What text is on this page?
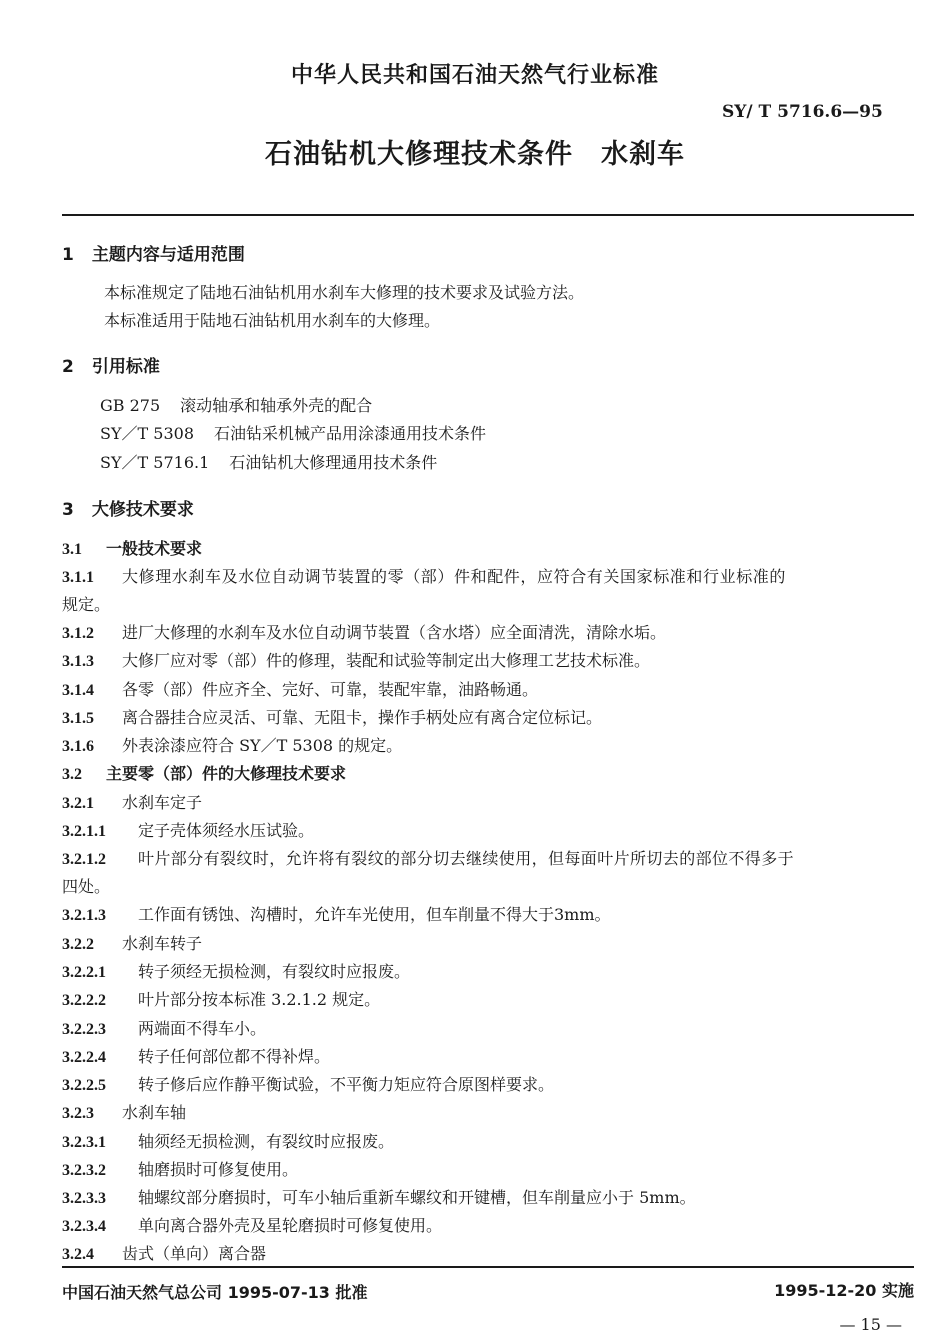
中华人民共和国石油天然气行业标准
SY/ T 5716.6—95
石油钻机大修理技术条件　水刹车
1 主题内容与适用范围
本标准规定了陆地石油钻机用水刹车大修理的技术要求及试验方法。
本标准适用于陆地石油钻机用水刹车的大修理。
2 引用标准
GB 275 滚动轴承和轴承外壳的配合
SY／T 5308 石油钻采机械产品用涂漆通用技术条件
SY／T 5716.1 石油钻机大修理通用技术条件
3 大修技术要求
3.1 一般技术要求
3.1.1 大修理水刹车及水位自动调节装置的零（部）件和配件，应符合有关国家标准和行业标准的
规定。
3.1.2 进厂大修理的水刹车及水位自动调节装置（含水塔）应全面清洗，清除水垢。
3.1.3 大修厂应对零（部）件的修理，装配和试验等制定出大修理工艺技术标准。
3.1.4 各零（部）件应齐全、完好、可靠，装配牢靠，油路畅通。
3.1.5 离合器挂合应灵活、可靠、无阻卡，操作手柄处应有离合定位标记。
3.1.6 外表涂漆应符合 SY／T 5308 的规定。
3.2 主要零（部）件的大修理技术要求
3.2.1 水刹车定子
3.2.1.1 定子壳体须经水压试验。
3.2.1.2 叶片部分有裂纹时，允许将有裂纹的部分切去继续使用，但每面叶片所切去的部位不得多于
四处。
3.2.1.3 工作面有锈蚀、沟槽时，允许车光使用，但车削量不得大于3mm。
3.2.2 水刹车转子
3.2.2.1 转子须经无损检测，有裂纹时应报废。
3.2.2.2 叶片部分按本标准 3.2.1.2 规定。
3.2.2.3 两端面不得车小。
3.2.2.4 转子任何部位都不得补焊。
3.2.2.5 转子修后应作静平衡试验，不平衡力矩应符合原图样要求。
3.2.3 水刹车轴
3.2.3.1 轴须经无损检测，有裂纹时应报废。
3.2.3.2 轴磨损时可修复使用。
3.2.3.3 轴螺纹部分磨损时，可车小轴后重新车螺纹和开键槽，但车削量应小于 5mm。
3.2.3.4 单向离合器外壳及星轮磨损时可修复使用。
3.2.4 齿式（单向）离合器
中国石油天然气总公司 1995-07-13 批准	1995-12-20 实施
— 15 —
